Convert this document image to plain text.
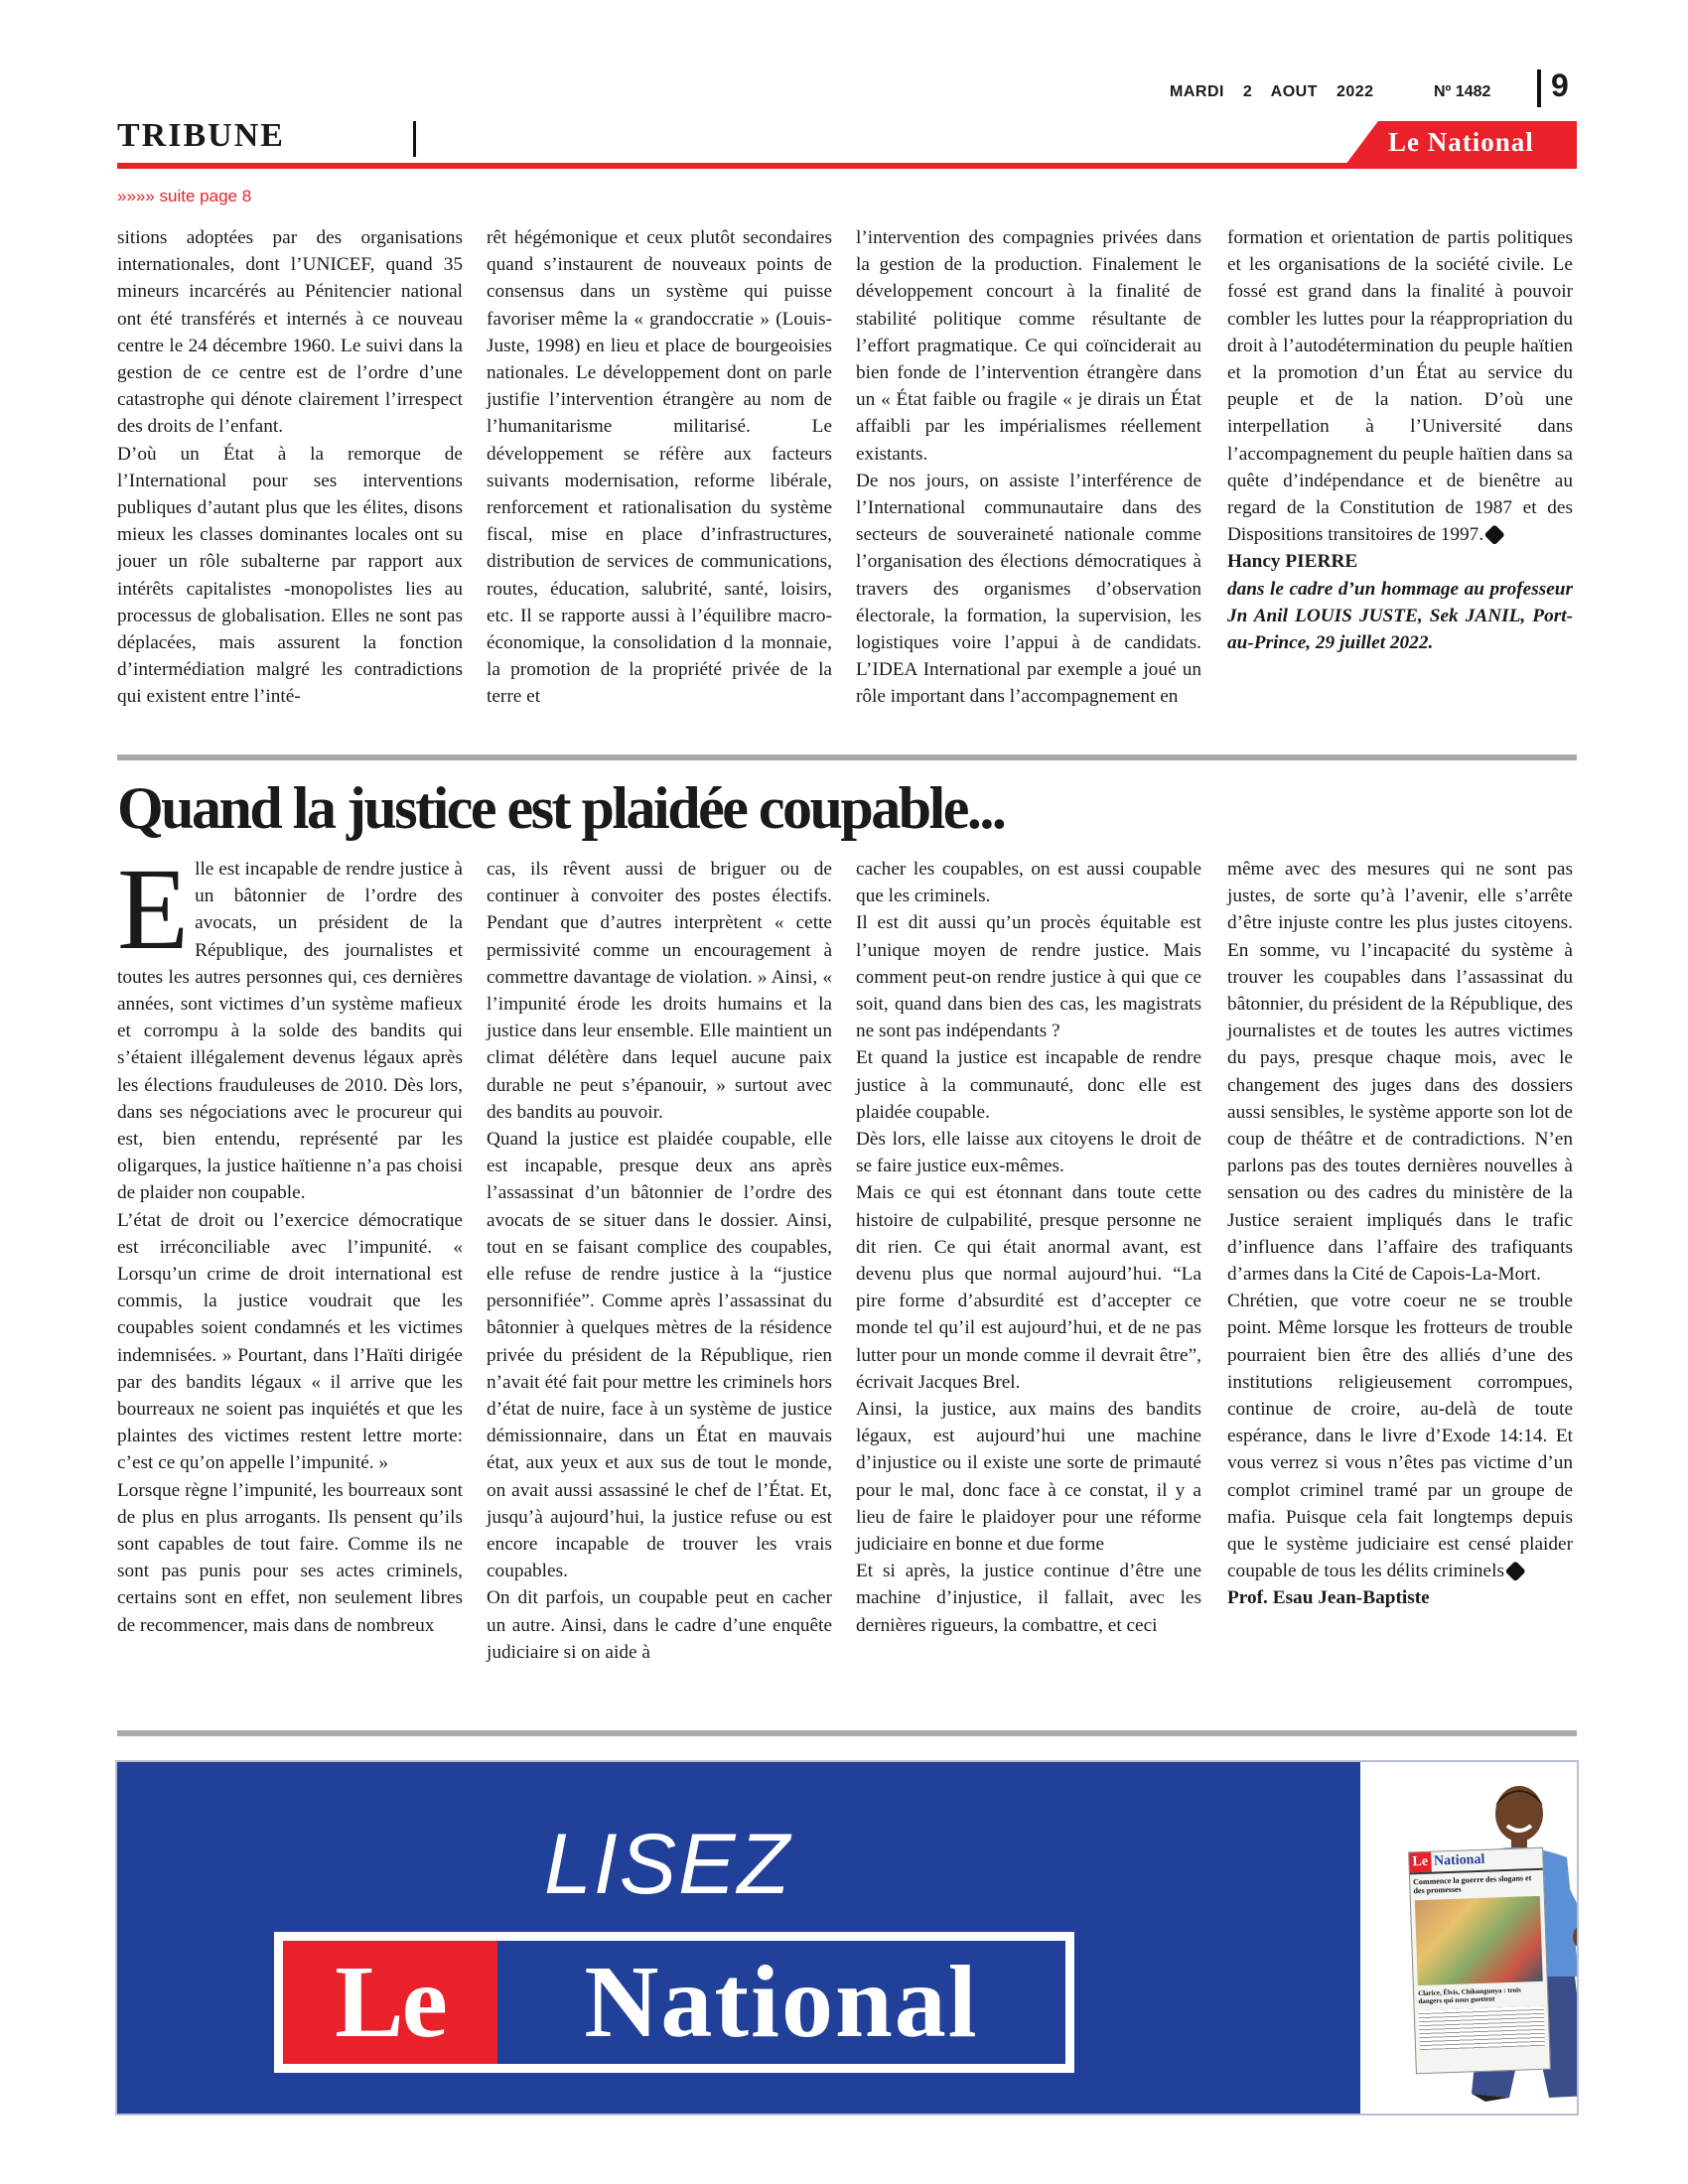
MARDI 2 AOUT 2022	Nº 1482 9
TRIBUNE	Le National
»»»» suite page 8

sitions adoptées par des organisations internationales, dont l’UNICEF, quand 35 mineurs incarcérés au Pénitencier national ont été transférés et internés à ce nouveau centre le 24 décembre 1960. Le suivi dans la gestion de ce centre est de l’ordre d’une catastrophe qui dénote clairement l’irrespect des droits de l’enfant.

D’où un État à la remorque de l’International pour ses interventions publiques d’autant plus que les élites, disons mieux les classes dominantes locales ont su jouer un rôle subalterne par rapport aux intérêts capitalistes -monopolistes lies au processus de globalisation. Elles ne sont pas déplacées, mais assurent la fonction d’intermédiation malgré les contradictions qui existent entre l’inté-

rêt hégémonique et ceux plutôt secondaires quand s’instaurent de nouveaux points de consensus dans un système qui puisse favoriser même la « grandoccratie » (Louis-Juste, 1998) en lieu et place de bourgeoisies nationales. Le développement dont on parle justifie l’intervention étrangère au nom de l’humanitarisme militarisé. Le développement se réfère aux facteurs suivants modernisation, reforme libérale, renforcement et rationalisation du système fiscal, mise en place d’infrastructures, distribution de services de communications, routes, éducation, salubrité, santé, loisirs, etc. Il se rapporte aussi à l’équilibre macro- économique, la consolidation d la monnaie, la promotion de la propriété privée de la terre et

l’intervention des compagnies privées dans la gestion de la production. Finalement le développement concourt à la finalité de stabilité politique comme résultante de l’effort pragmatique. Ce qui coïnciderait au bien fonde de l’intervention étrangère dans un « État faible ou fragile « je dirais un État affaibli par les impérialismes réellement existants.

De nos jours, on assiste l’interférence de l’International communautaire dans des secteurs de souveraineté nationale comme l’organisation des élections démocratiques à travers des organismes d’observation électorale, la formation, la supervision, les logistiques voire l’appui à de candidats. L’IDEA International par exemple a joué un rôle important dans l’accompagnement en

formation et orientation de partis politiques et les organisations de la société civile. Le fossé est grand dans la finalité à pouvoir combler les luttes pour la réappropriation du droit à l’autodétermination du peuple haïtien et la promotion d’un État au service du peuple et de la nation. D’où une interpellation à l’Université dans l’accompagnement du peuple haïtien dans sa quête d’indépendance et de bienêtre au regard de la Constitution de 1987 et des Dispositions transitoires de 1997.

Hancy PIERRE

dans le cadre d’un hommage au professeur Jn Anil LOUIS JUSTE, Sek JANIL, Port-au-Prince, 29 juillet 2022.

Quand la justice est plaidée coupable...

Elle est incapable de rendre justice à un bâtonnier de l’ordre des avocats, un président de la République, des journalistes et toutes les autres personnes qui, ces dernières années, sont victimes d’un système mafieux et corrompu à la solde des bandits qui s’étaient illégalement devenus légaux après les élections frauduleuses de 2010. Dès lors, dans ses négociations avec le procureur qui est, bien entendu, représenté par les oligarques, la justice haïtienne n’a pas choisi de plaider non coupable.

L’état de droit ou l’exercice démocratique est irréconciliable avec l’impunité. « Lorsqu’un crime de droit international est commis, la justice voudrait que les coupables soient condamnés et les victimes indemnisées. » Pourtant, dans l’Haïti dirigée par des bandits légaux « il arrive que les bourreaux ne soient pas inquiétés et que les plaintes des victimes restent lettre morte: c’est ce qu’on appelle l’impunité. »

Lorsque règne l’impunité, les bourreaux sont de plus en plus arrogants. Ils pensent qu’ils sont capables de tout faire. Comme ils ne sont pas punis pour ses actes criminels, certains sont en effet, non seulement libres de recommencer, mais dans de nombreux

cas, ils rêvent aussi de briguer ou de continuer à convoiter des postes électifs. Pendant que d’autres interprètent « cette permissivité comme un encouragement à commettre davantage de violation. » Ainsi, « l’impunité érode les droits humains et la justice dans leur ensemble. Elle maintient un climat délétère dans lequel aucune paix durable ne peut s’épanouir, » surtout avec des bandits au pouvoir.

Quand la justice est plaidée coupable, elle est incapable, presque deux ans après l’assassinat d’un bâtonnier de l’ordre des avocats de se situer dans le dossier. Ainsi, tout en se faisant complice des coupables, elle refuse de rendre justice à la “justice personnifiée”. Comme après l’assassinat du bâtonnier à quelques mètres de la résidence privée du président de la République, rien n’avait été fait pour mettre les criminels hors d’état de nuire, face à un système de justice démissionnaire, dans un État en mauvais état, aux yeux et aux sus de tout le monde, on avait aussi assassiné le chef de l’État. Et, jusqu’à aujourd’hui, la justice refuse ou est encore incapable de trouver les vrais coupables.

On dit parfois, un coupable peut en cacher un autre. Ainsi, dans le cadre d’une enquête judiciaire si on aide à

cacher les coupables, on est aussi coupable que les criminels.

Il est dit aussi qu’un procès équitable est l’unique moyen de rendre justice. Mais comment peut-on rendre justice à qui que ce soit, quand dans bien des cas, les magistrats ne sont pas indépendants ?

Et quand la justice est incapable de rendre justice à la communauté, donc elle est plaidée coupable.

Dès lors, elle laisse aux citoyens le droit de se faire justice eux-mêmes.

Mais ce qui est étonnant dans toute cette histoire de culpabilité, presque personne ne dit rien. Ce qui était anormal avant, est devenu plus que normal aujourd’hui. “La pire forme d’absurdité est d’accepter ce monde tel qu’il est aujourd’hui, et de ne pas lutter pour un monde comme il devrait être”, écrivait Jacques Brel.

Ainsi, la justice, aux mains des bandits légaux, est aujourd’hui une machine d’injustice ou il existe une sorte de primauté pour le mal, donc face à ce constat, il y a lieu de faire le plaidoyer pour une réforme judiciaire en bonne et due forme

Et si après, la justice continue d’être une machine d’injustice, il fallait, avec les dernières rigueurs, la combattre, et ceci

même avec des mesures qui ne sont pas justes, de sorte qu’à l’avenir, elle s’arrête d’être injuste contre les plus justes citoyens. En somme, vu l’incapacité du système à trouver les coupables dans l’assassinat du bâtonnier, du président de la République, des journalistes et de toutes les autres victimes du pays, presque chaque mois, avec le changement des juges dans des dossiers aussi sensibles, le système apporte son lot de coup de théâtre et de contradictions. N’en parlons pas des toutes dernières nouvelles à sensation ou des cadres du ministère de la Justice seraient impliqués dans le trafic d’influence dans l’affaire des trafiquants d’armes dans la Cité de Capois-La-Mort.

Chrétien, que votre coeur ne se trouble point. Même lorsque les frotteurs de trouble pourraient bien être des alliés d’une des institutions religieusement corrompues, continue de croire, au-delà de toute espérance, dans le livre d’Exode 14:14. Et vous verrez si vous n’êtes pas victime d’un complot criminel tramé par un groupe de mafia. Puisque cela fait longtemps depuis que le système judiciaire est censé plaider coupable de tous les délits criminels

Prof. Esau Jean-Baptiste

LISEZ
Le	National
Le National
Commence la guerre des slogans et des promesses
Clarice, Élvis, Chikungunya : trois dangers qui nous guettent
